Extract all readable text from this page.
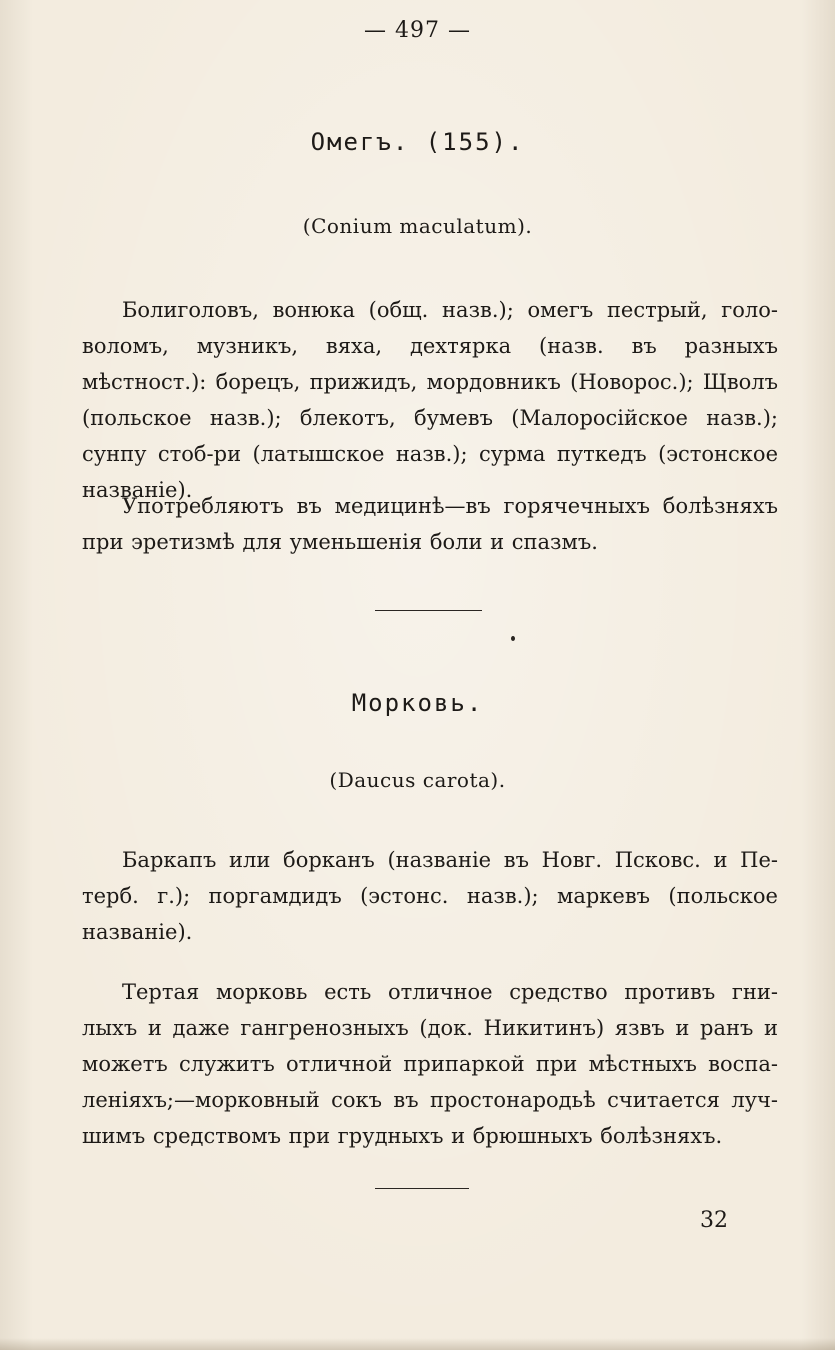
— 497 —
Омегъ. (155).
(Conium maculatum).
Болиголовъ, вонюка (общ. назв.); омегъ пестрый, голо-воломъ, музникъ, вяха, дехтярка (назв. въ разныхъ мѣстност.): борецъ, прижидъ, мордовникъ (Новорос.); Щволъ (польское назв.); блекотъ, бумевъ (Малоросійское назв.); сунпу стоб-ри (латышское назв.); сурма путкедъ (эстонское названіе).
Употребляютъ въ медицинѣ—въ горячечныхъ болѣзняхъ при эретизмѣ для уменьшенія боли и спазмъ.
Морковь.
(Daucus carota).
Баркапъ или борканъ (названіе въ Новг. Псковс. и Пе-терб. г.); поргамдидъ (эстонс. назв.); маркевъ (польское названіе).
Тертая морковь есть отличное средство противъ гни-лыхъ и даже гангренозныхъ (док. Никитинъ) язвъ и ранъ и можетъ служитъ отличной припаркой при мѣстныхъ воспа-леніяхъ;—морковный сокъ въ простонародьѣ считается луч-шимъ средствомъ при грудныхъ и брюшныхъ болѣзняхъ.
32
